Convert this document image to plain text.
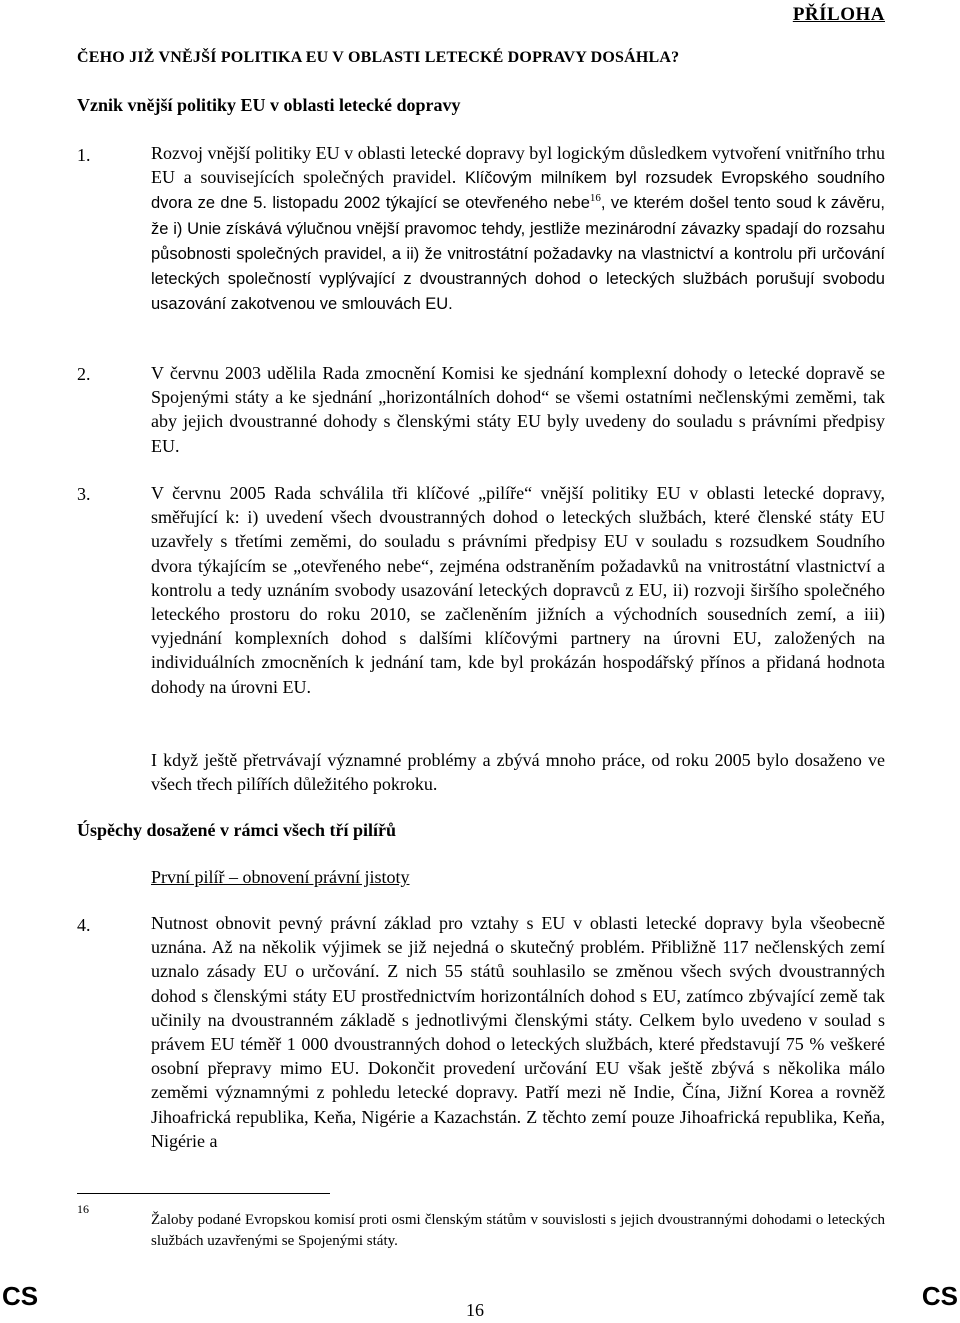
PŘÍLOHA
ČEHO JIŽ VNĚJŠÍ POLITIKA EU V OBLASTI LETECKÉ DOPRAVY DOSÁHLA?
Vznik vnější politiky EU v oblasti letecké dopravy
1.	Rozvoj vnější politiky EU v oblasti letecké dopravy byl logickým důsledkem vytvoření vnitřního trhu EU a souvisejících společných pravidel. Klíčovým milníkem byl rozsudek Evropského soudního dvora ze dne 5. listopadu 2002 týkající se otevřeného nebe$^{16}$, ve kterém došel tento soud k závěru, že i) Unie získává výlučnou vnější pravomoc tehdy, jestliže mezinárodní závazky spadají do rozsahu působnosti společných pravidel, a ii) že vnitrostátní požadavky na vlastnictví a kontrolu při určování leteckých společností vyplývající z dvoustranných dohod o leteckých službách porušují svobodu usazování zakotvenou ve smlouvách EU.
2.	V červnu 2003 udělila Rada zmocnění Komisi ke sjednání komplexní dohody o letecké dopravě se Spojenými státy a ke sjednání „horizontálních dohod“ se všemi ostatními nečlenskými zeměmi, tak aby jejich dvoustranné dohody s členskými státy EU byly uvedeny do souladu s právními předpisy EU.
3.	V červnu 2005 Rada schválila tři klíčové „pilíře“ vnější politiky EU v oblasti letecké dopravy, směřující k: i) uvedení všech dvoustranných dohod o leteckých službách, které členské státy EU uzavřely s třetími zeměmi, do souladu s právními předpisy EU v souladu s rozsudkem Soudního dvora týkajícím se „otevřeného nebe“, zejména odstraněním požadavků na vnitrostátní vlastnictví a kontrolu a tedy uznáním svobody usazování leteckých dopravců z EU, ii) rozvoji širšího společného leteckého prostoru do roku 2010, se začleněním jižních a východních sousedních zemí, a iii) vyjednání komplexních dohod s dalšími klíčovými partnery na úrovni EU, založených na individuálních zmocněních k jednání tam, kde byl prokázán hospodářský přínos a přidaná hodnota dohody na úrovni EU.
I když ještě přetrvávají významné problémy a zbývá mnoho práce, od roku 2005 bylo dosaženo ve všech třech pilířích důležitého pokroku.
Úspěchy dosažené v rámci všech tří pilířů
První pilíř – obnovení právní jistoty
4.	Nutnost obnovit pevný právní základ pro vztahy s EU v oblasti letecké dopravy byla všeobecně uznána. Až na několik výjimek se již nejedná o skutečný problém. Přibližně 117 nečlenských zemí uznalo zásady EU o určování. Z nich 55 států souhlasilo se změnou všech svých dvoustranných dohod s členskými státy EU prostřednictvím horizontálních dohod s EU, zatímco zbývající země tak učinily na dvoustranném základě s jednotlivými členskými státy. Celkem bylo uvedeno v soulad s právem EU téměř 1 000 dvoustranných dohod o leteckých službách, které představují 75 % veškeré osobní přepravy mimo EU. Dokončit provedení určování EU však ještě zbývá s několika málo zeměmi významnými z pohledu letecké dopravy. Patří mezi ně Indie, Čína, Jižní Korea a rovněž Jihoafrická republika, Keňa, Nigérie a Kazachstán. Z těchto zemí pouze Jihoafrická republika, Keňa, Nigérie a
16
Žaloby podané Evropskou komisí proti osmi členským státům v souvislosti s jejich dvoustrannými dohodami o leteckých službách uzavřenými se Spojenými státy.
CS	16	CS
